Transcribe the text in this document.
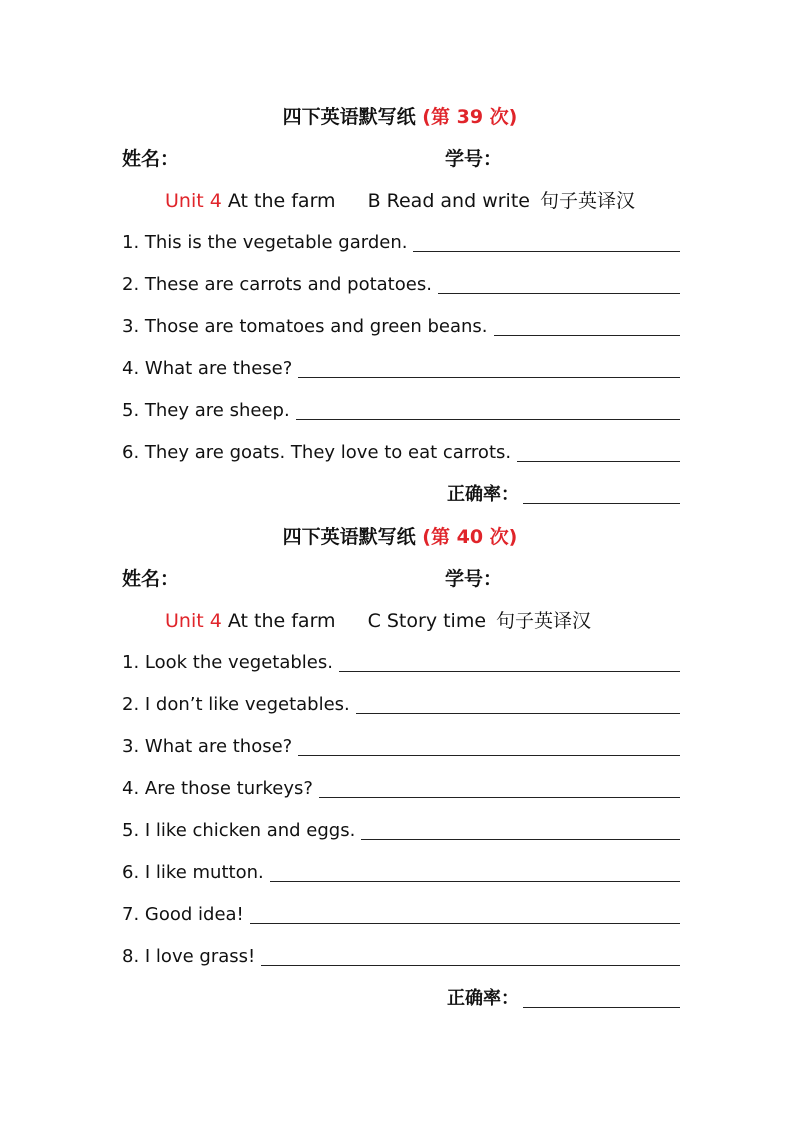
四下英语默写纸 (第 39 次)
姓名：	学号：
Unit 4 At the farm B Read and write 句子英译汉
1. This is the vegetable garden.
2. These are carrots and potatoes.
3. Those are tomatoes and green beans.
4. What are these?
5. They are sheep.
6. They are goats. They love to eat carrots.
正确率：
四下英语默写纸 (第 40 次)
姓名：	学号：
Unit 4 At the farm C Story time 句子英译汉
1. Look the vegetables.
2. I don’t like vegetables.
3. What are those?
4. Are those turkeys?
5. I like chicken and eggs.
6. I like mutton.
7. Good idea!
8. I love grass!
正确率：
